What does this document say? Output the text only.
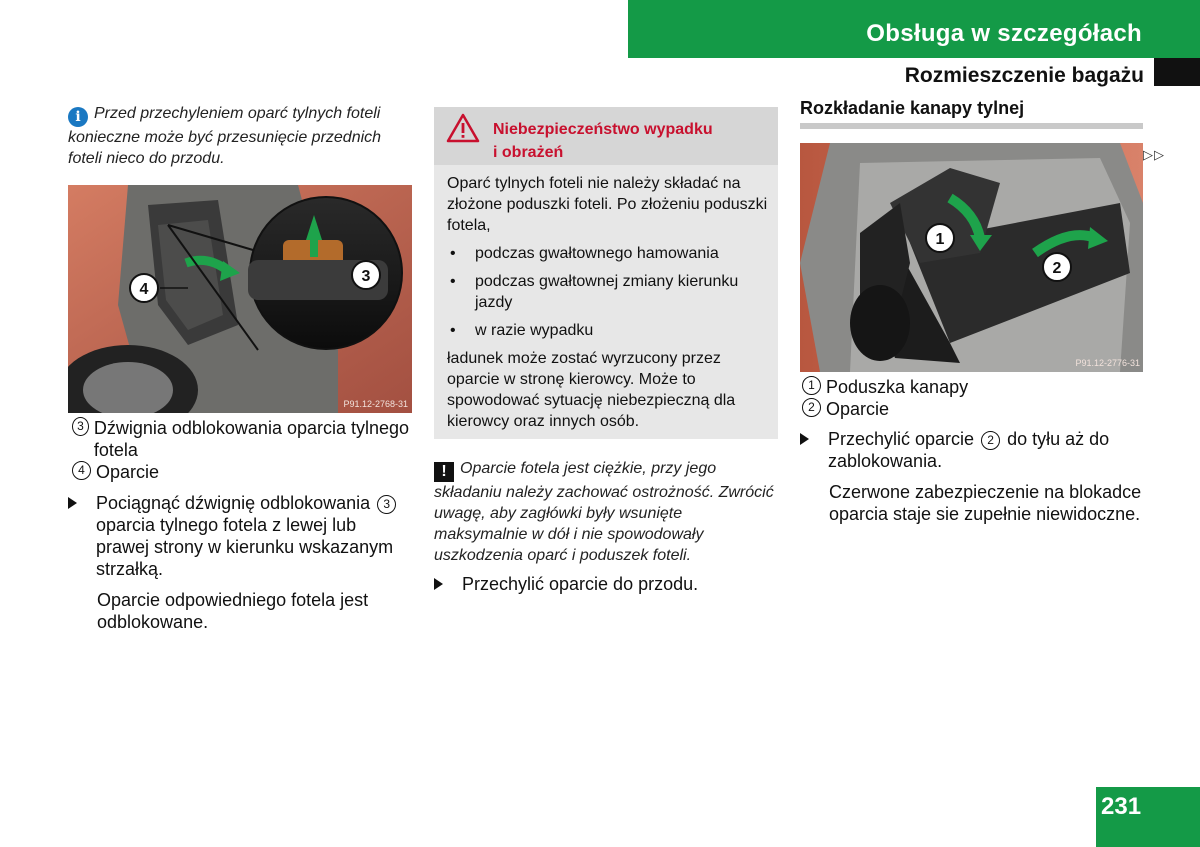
Obsługa w szczegółach
Rozmieszczenie bagażu
i Przed przechyleniem oparć tylnych foteli konieczne może być przesunięcie przednich foteli nieco do przodu.
4
3
P91.12-2768-31
3 Dźwignia odblokowania oparcia tylnego fotela
4 Oparcie
Pociągnąć dźwignię odblokowania 3 oparcia tylnego fotela z lewej lub prawej strony w kierunku wskazanym strzałką.
Oparcie odpowiedniego fotela jest odblokowane.
Niebezpieczeństwo wypadku
i obrażeń
Oparć tylnych foteli nie należy składać na złożone poduszki foteli. Po złożeniu poduszki fotela,
• podczas gwałtownego hamowania
• podczas gwałtownej zmiany kierunku jazdy
• w razie wypadku
ładunek może zostać wyrzucony przez oparcie w stronę kierowcy. Może to spowodować sytuację niebezpieczną dla kierowcy oraz innych osób.
! Oparcie fotela jest ciężkie, przy jego składaniu należy zachować ostrożność. Zwrócić uwagę, aby zagłówki były wsunięte maksymalnie w dół i nie spowodowały uszkodzenia oparć i poduszek foteli.
Przechylić oparcie do przodu.
Rozkładanie kanapy tylnej
▷▷
1
2
P91.12-2776-31
1 Poduszka kanapy
2 Oparcie
Przechylić oparcie 2 do tyłu aż do zablokowania.
Czerwone zabezpieczenie na blokadce oparcia staje sie zupełnie niewidoczne.
231
